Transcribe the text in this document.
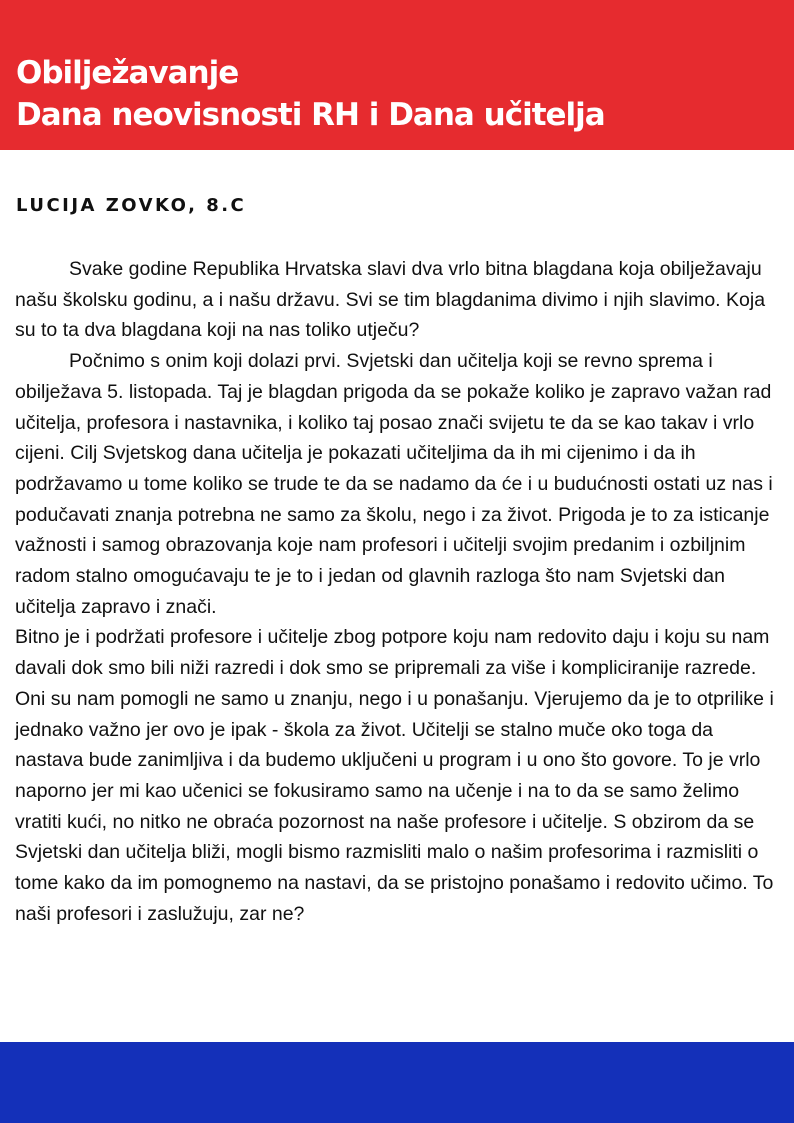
Obilježavanje
Dana neovisnosti RH i Dana učitelja
LUCIJA ZOVKO, 8.C

Svake godine Republika Hrvatska slavi dva vrlo bitna blagdana koja obilježavaju našu školsku godinu, a i našu državu. Svi se tim blagdanima divimo i njih slavimo. Koja su to ta dva blagdana koji na nas toliko utječu?

Počnimo s onim koji dolazi prvi. Svjetski dan učitelja koji se revno sprema i obilježava 5. listopada. Taj je blagdan prigoda da se pokaže koliko je zapravo važan rad učitelja, profesora i nastavnika, i koliko taj posao znači svijetu te da se kao takav i vrlo cijeni. Cilj Svjetskog dana učitelja je pokazati učiteljima da ih mi cijenimo i da ih podržavamo u tome koliko se trude te da se nadamo da će i u budućnosti ostati uz nas i podučavati znanja potrebna ne samo za školu, nego i za život. Prigoda je to za isticanje važnosti i samog obrazovanja koje nam profesori i učitelji svojim predanim i ozbiljnim radom stalno omogućavaju te je to i jedan od glavnih razloga što nam Svjetski dan učitelja zapravo i znači.

Bitno je i podržati profesore i učitelje zbog potpore koju nam redovito daju i koju su nam davali dok smo bili niži razredi i dok smo se pripremali za više i kompliciranije razrede. Oni su nam pomogli ne samo u znanju, nego i u ponašanju. Vjerujemo da je to otprilike i jednako važno jer ovo je ipak - škola za život. Učitelji se stalno muče oko toga da nastava bude zanimljiva i da budemo uključeni u program i u ono što govore. To je vrlo naporno jer mi kao učenici se fokusiramo samo na učenje i na to da se samo želimo vratiti kući, no nitko ne obraća pozornost na naše profesore i učitelje. S obzirom da se Svjetski dan učitelja bliži, mogli bismo razmisliti malo o našim profesorima i razmisliti o tome kako da im pomognemo na nastavi, da se pristojno ponašamo i redovito učimo. To naši profesori i zaslužuju, zar ne?
